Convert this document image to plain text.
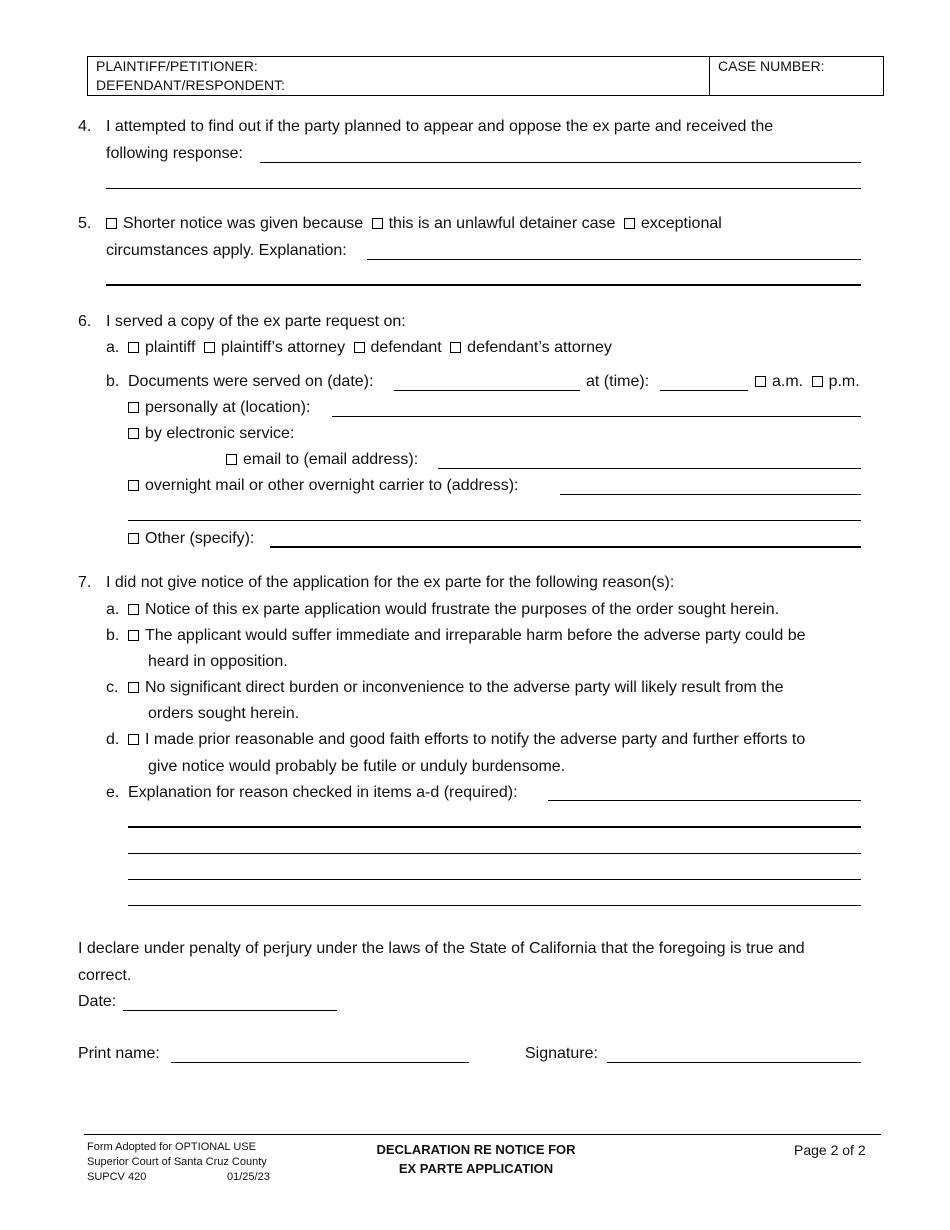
PLAINTIFF/PETITIONER:
DEFENDANT/RESPONDENT:
CASE NUMBER:
4. I attempted to find out if the party planned to appear and oppose the ex parte and received the
following response:
5.	Shorter notice was given because this is an unlawful detainer case exceptional
circumstances apply. Explanation:
6. I served a copy of the ex parte request on:
a.	plaintiff plaintiff’s attorney defendant defendant’s attorney
b. Documents were served on (date):	at (time):	a.m. p.m.
personally at (location):
by electronic service:
email to (email address):
overnight mail or other overnight carrier to (address):
Other (specify):
7. I did not give notice of the application for the ex parte for the following reason(s):
a.	Notice of this ex parte application would frustrate the purposes of the order sought herein.
b.	The applicant would suffer immediate and irreparable harm before the adverse party could be
heard in opposition.
c.	No significant direct burden or inconvenience to the adverse party will likely result from the
orders sought herein.
d.	I made prior reasonable and good faith efforts to notify the adverse party and further efforts to
give notice would probably be futile or unduly burdensome.
e. Explanation for reason checked in items a-d (required):
I declare under penalty of perjury under the laws of the State of California that the foregoing is true and
correct.
Date:
Print name:	Signature:
Form Adopted for OPTIONAL USE
Superior Court of Santa Cruz County
SUPCV 420	01/25/23
DECLARATION RE NOTICE FOR
EX PARTE APPLICATION
Page 2 of 2
